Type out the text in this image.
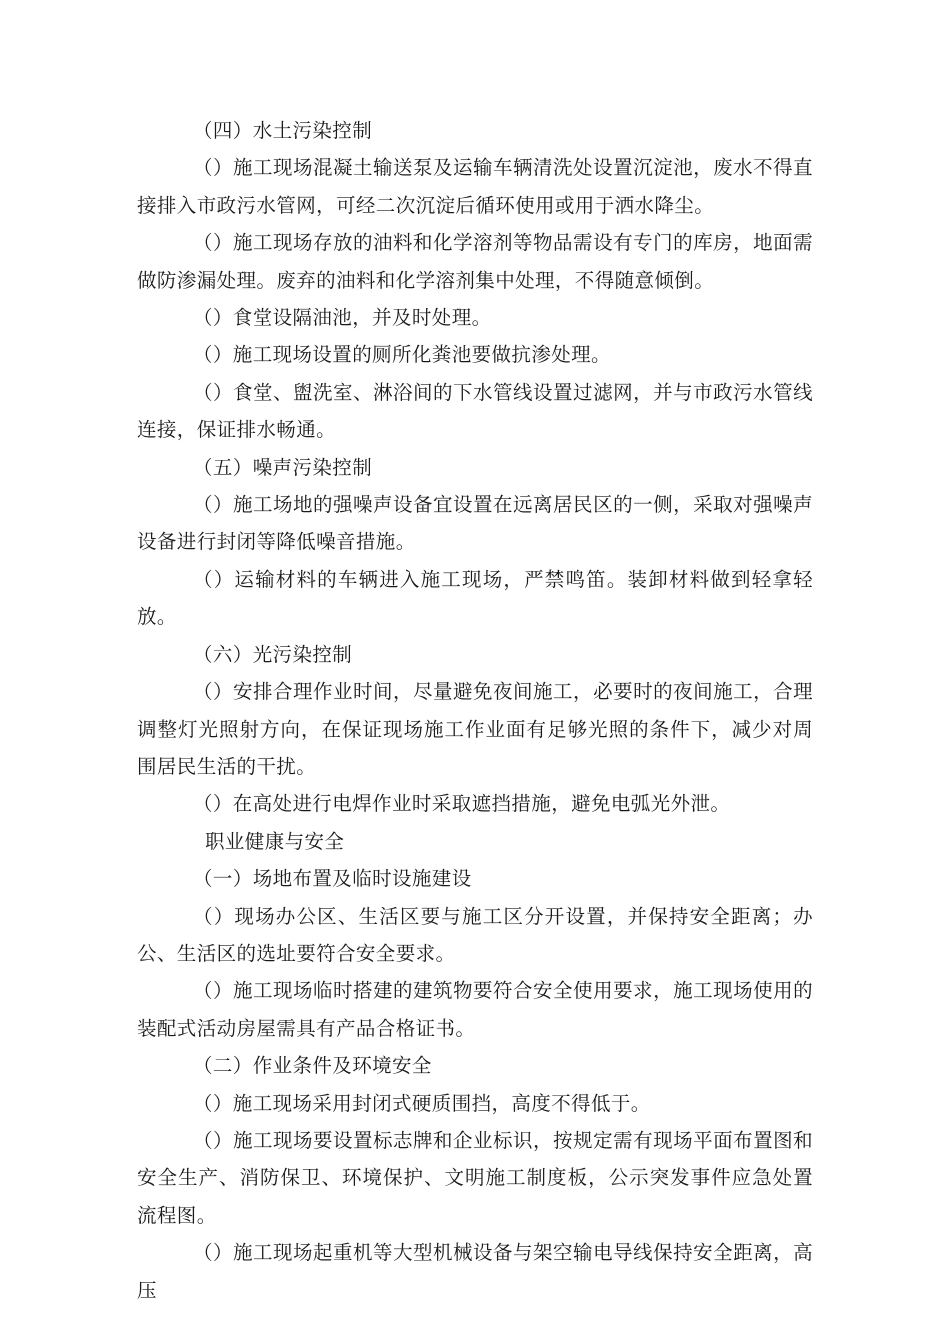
（四）水土污染控制

（）施工现场混凝土输送泵及运输车辆清洗处设置沉淀池，废水不得直接排入市政污水管网，可经二次沉淀后循环使用或用于洒水降尘。

（）施工现场存放的油料和化学溶剂等物品需设有专门的库房，地面需做防渗漏处理。废弃的油料和化学溶剂集中处理，不得随意倾倒。

（）食堂设隔油池，并及时处理。

（）施工现场设置的厕所化粪池要做抗渗处理。

（）食堂、盥洗室、淋浴间的下水管线设置过滤网，并与市政污水管线连接，保证排水畅通。

（五）噪声污染控制

（）施工场地的强噪声设备宜设置在远离居民区的一侧，采取对强噪声设备进行封闭等降低噪音措施。

（）运输材料的车辆进入施工现场，严禁鸣笛。装卸材料做到轻拿轻放。

（六）光污染控制

（）安排合理作业时间，尽量避免夜间施工，必要时的夜间施工，合理调整灯光照射方向，在保证现场施工作业面有足够光照的条件下，减少对周围居民生活的干扰。

（）在高处进行电焊作业时采取遮挡措施，避免电弧光外泄。

职业健康与安全

（一）场地布置及临时设施建设

（）现场办公区、生活区要与施工区分开设置，并保持安全距离；办公、生活区的选址要符合安全要求。

（）施工现场临时搭建的建筑物要符合安全使用要求，施工现场使用的装配式活动房屋需具有产品合格证书。

（二）作业条件及环境安全

（）施工现场采用封闭式硬质围挡，高度不得低于。

（）施工现场要设置标志牌和企业标识，按规定需有现场平面布置图和安全生产、消防保卫、环境保护、文明施工制度板，公示突发事件应急处置流程图。

（）施工现场起重机等大型机械设备与架空输电导线保持安全距离，高压
